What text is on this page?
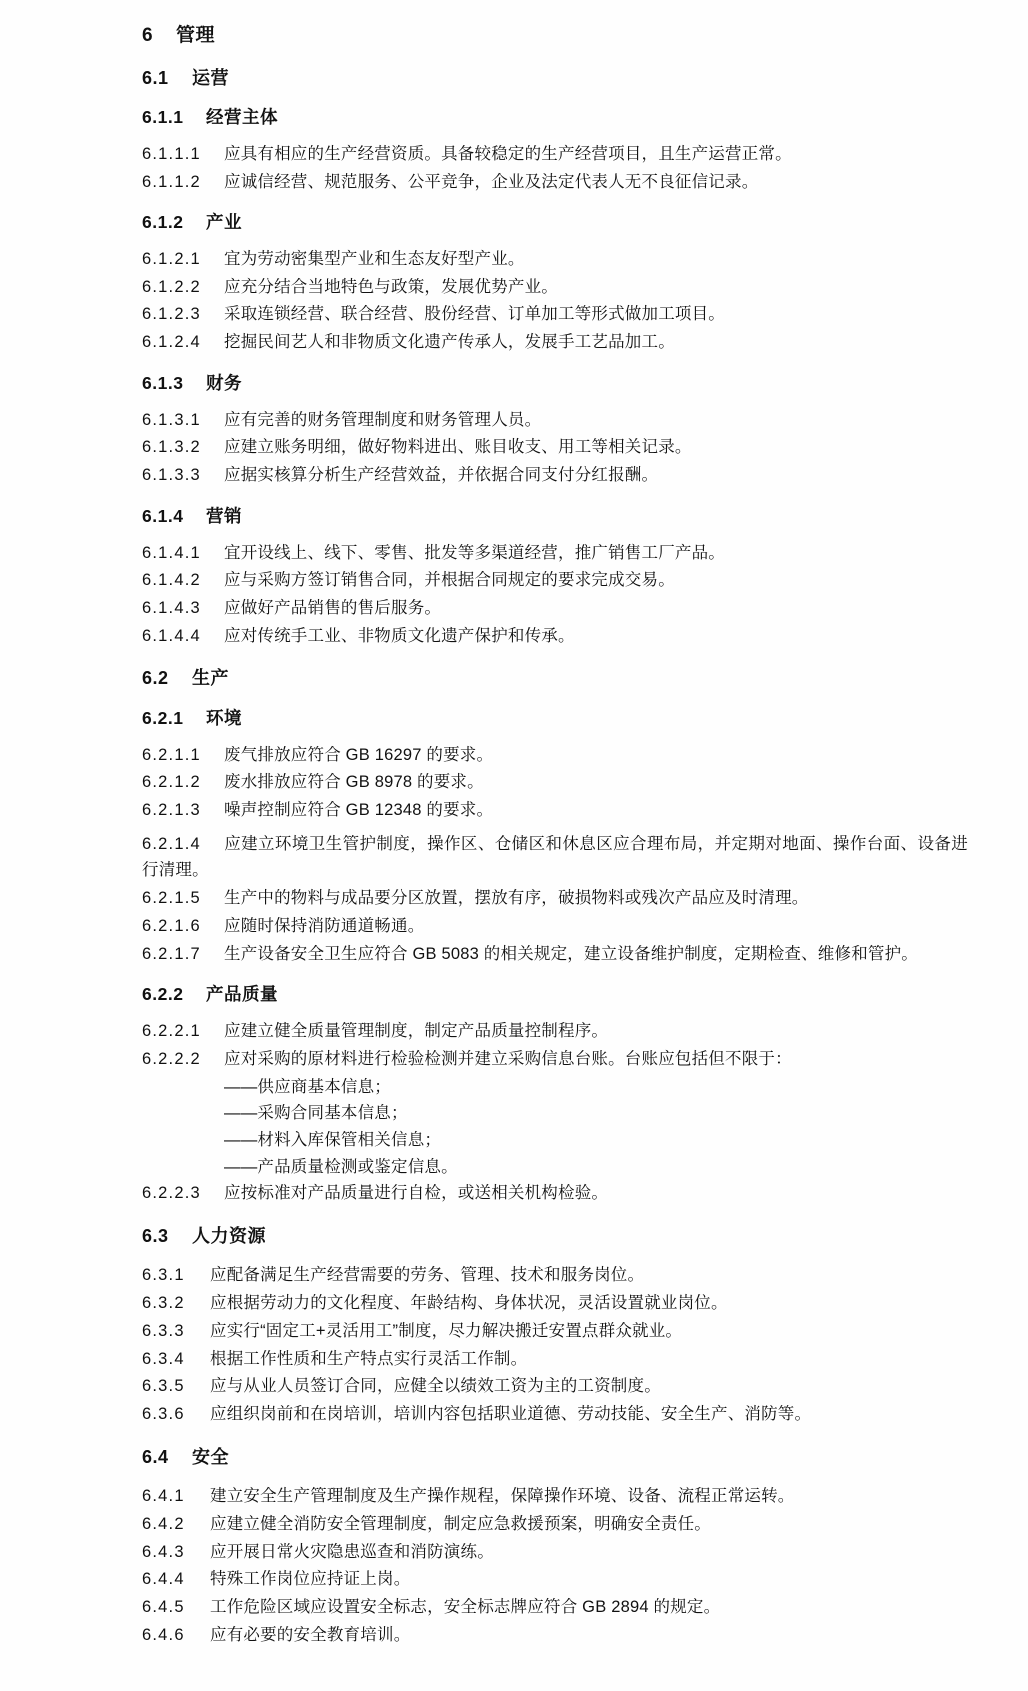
6 管理
6.1 运营
6.1.1 经营主体

6.1.1.1 应具有相应的生产经营资质。具备较稳定的生产经营项目，且生产运营正常。

6.1.1.2 应诚信经营、规范服务、公平竞争，企业及法定代表人无不良征信记录。

6.1.2 产业

6.1.2.1 宜为劳动密集型产业和生态友好型产业。

6.1.2.2 应充分结合当地特色与政策，发展优势产业。

6.1.2.3 采取连锁经营、联合经营、股份经营、订单加工等形式做加工项目。

6.1.2.4 挖掘民间艺人和非物质文化遗产传承人，发展手工艺品加工。

6.1.3 财务

6.1.3.1 应有完善的财务管理制度和财务管理人员。

6.1.3.2 应建立账务明细，做好物料进出、账目收支、用工等相关记录。

6.1.3.3 应据实核算分析生产经营效益，并依据合同支付分红报酬。

6.1.4 营销

6.1.4.1 宜开设线上、线下、零售、批发等多渠道经营，推广销售工厂产品。

6.1.4.2 应与采购方签订销售合同，并根据合同规定的要求完成交易。

6.1.4.3 应做好产品销售的售后服务。

6.1.4.4 应对传统手工业、非物质文化遗产保护和传承。

6.2 生产
6.2.1 环境

6.2.1.1 废气排放应符合 GB 16297 的要求。

6.2.1.2 废水排放应符合 GB 8978 的要求。

6.2.1.3 噪声控制应符合 GB 12348 的要求。

6.2.1.4 应建立环境卫生管护制度，操作区、仓储区和休息区应合理布局，并定期对地面、操作台面、设备进行清理。

6.2.1.5 生产中的物料与成品要分区放置，摆放有序，破损物料或残次产品应及时清理。

6.2.1.6 应随时保持消防通道畅通。

6.2.1.7 生产设备安全卫生应符合 GB 5083 的相关规定，建立设备维护制度，定期检查、维修和管护。

6.2.2 产品质量

6.2.2.1 应建立健全质量管理制度，制定产品质量控制程序。

6.2.2.2 应对采购的原材料进行检验检测并建立采购信息台账。台账应包括但不限于：

——供应商基本信息；
——采购合同基本信息；
——材料入库保管相关信息；
——产品质量检测或鉴定信息。

6.2.2.3 应按标准对产品质量进行自检，或送相关机构检验。

6.3 人力资源

6.3.1 应配备满足生产经营需要的劳务、管理、技术和服务岗位。

6.3.2 应根据劳动力的文化程度、年龄结构、身体状况，灵活设置就业岗位。

6.3.3 应实行“固定工+灵活用工”制度，尽力解决搬迁安置点群众就业。

6.3.4 根据工作性质和生产特点实行灵活工作制。

6.3.5 应与从业人员签订合同，应健全以绩效工资为主的工资制度。

6.3.6 应组织岗前和在岗培训，培训内容包括职业道德、劳动技能、安全生产、消防等。

6.4 安全

6.4.1 建立安全生产管理制度及生产操作规程，保障操作环境、设备、流程正常运转。

6.4.2 应建立健全消防安全管理制度，制定应急救援预案，明确安全责任。

6.4.3 应开展日常火灾隐患巡查和消防演练。

6.4.4 特殊工作岗位应持证上岗。

6.4.5 工作危险区域应设置安全标志，安全标志牌应符合 GB 2894 的规定。

6.4.6 应有必要的安全教育培训。
